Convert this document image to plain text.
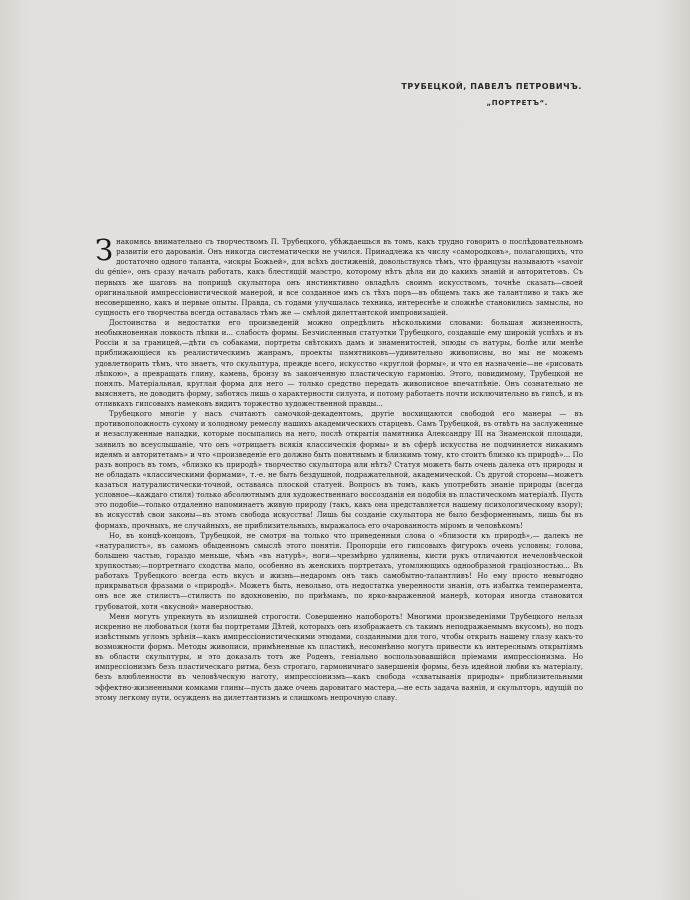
ТРУБЕЦКОЙ, ПАВЕЛЪ ПЕТРОВИЧЪ.
„ПОРТРЕТЪ“.

Знакомясь внимательно съ творчествомъ П. Трубецкого, убѣждаешься въ томъ, какъ трудно говорить о послѣдовательномъ развитіи его дарованія. Онъ никогда систематически не учился. Принадлежа къ числу «самородковъ», полагающихъ, что достаточно одного таланта, «искры Божьей», для всѣхъ достиженій, довольствуясь тѣмъ, что французы называютъ «savoir du génie», онъ сразу началъ работать, какъ блестящій маэстро, которому нѣтъ дѣла ни до какихъ знаній и авторитетовъ. Съ первыхъ же шаговъ на поприщѣ скульптора онъ инстинктивно овладѣлъ своимъ искусствомъ, точнѣе сказать—своей оригинальной импрессіонистической манерой, и все созданное имъ съ тѣхъ поръ—въ общемъ такъ же талантливо и такъ же несовершенно, какъ и первые опыты. Правда, съ годами улучшалась техника, интереснѣе и сложнѣе становились замыслы, но сущность его творчества всегда оставалась тѣмъ же — смѣлой дилеттантской импровизаціей.

Достоинства и недостатки его произведеній можно опредѣлить нѣсколькими словами: большая жизненность, необыкновенная ловкость лѣпки и... слабость формы. Безчисленныя статуэтки Трубецкого, создавшіе ему широкій успѣхъ и въ Россіи и за границей,—дѣти съ собаками, портреты свѣтскихъ дамъ и знаменитостей, эпюды съ натуры, болѣе или менѣе приближающіеся къ реалистическимъ жанрамъ, проекты памятниковъ—удивительно живописны, но мы не можемъ удовлетворить тѣмъ, что знаетъ, что скульптура, прежде всего, искусство «круглой формы», и что ея назначеніе—не «рисовать лѣпкою», а превращать глину, камень, бронзу въ законченную пластическую гармонію. Этого, повидимому, Трубецкой не понялъ. Матеріальная, круглая форма для него — только средство передать живописное впечатлѣніе. Онъ сознательно не выясняетъ, не доводитъ форму, заботясь лишь о характерности силуэта, и потому работаетъ почти исключительно въ гипсѣ, и въ отливкахъ гипсовыхъ намековъ видитъ торжество художественной правды...

Трубецкого многіе у насъ считаютъ самочкой-декадентомъ, другіе восхищаются свободой его манеры — въ противоположность сухому и холодному ремеслу нашихъ академическихъ старцевъ. Самъ Трубецкой, въ отвѣтъ на заслуженные и незаслуженные нападки, которые посыпались на него, послѣ открытія памятника Александру III на Знаменской площади, заявилъ во всеуслышаніе, что онъ «отрицаетъ всякія классическія формы» и въ сферѣ искусства не подчиняется никакимъ идеямъ и авторитетамъ» и что «произведеніе его должно быть понятнымъ и близкимъ тому, кто стоитъ близко къ природѣ»... По разъ вопросъ въ томъ, «близко къ природѣ» творчество скульптора или нѣтъ? Статуя можетъ быть очень далека отъ природы и не обладать «классическими формами», т.-е. не быть бездушной, подражательной, академической. Съ другой стороны—можетъ казаться натуралистически-точной, оставаясь плоской статуей. Вопросъ въ томъ, какъ употребить знаніе природы (всегда условное—каждаго стиля) только абсолютнымъ для художественнаго воссозданія ея подобія въ пластическомъ матеріалѣ. Пусть это подобіе—только отдаленно напоминаетъ живую природу (такъ, какъ она представляется нашему психологическому взору); въ искусствѣ свои законы—въ этомъ свобода искусства! Лишь бы созданіе скульптора не было безформеннымъ, лишь бы въ формахъ, прочныхъ, не случайныхъ, не приблизительныхъ, выражалось его очарованность міромъ и человѣкомъ!

Но, въ концѣ-концовъ, Трубецкой, не смотря на только что приведенныя слова о «близости къ природѣ»,— далекъ не «натуралистъ», въ самомъ обыденномъ смыслѣ этого понятія. Пропорціи его гипсовыхъ фигурокъ очень условны; голова, большею частью, гораздо меньше, чѣмъ «въ натурѣ», ноги—чрезмѣрно удлинены, кисти рукъ отличаются нечеловѣческой хрупкостью;—портретнаго сходства мало, особенно въ женскихъ портретахъ, утомляющихъ однообразной граціозностью... Въ работахъ Трубецкого всегда есть вкусъ и жизнь—недаромъ онъ такъ самобытно-талантливъ! Но ему просто невыгодно прикрываться фразами о «природѣ». Можетъ быть, невольно, отъ недостатка уверенности знанія, отъ избытка темперамента, онъ все же стилистъ—стилистъ по вдохновенію, по приѣмамъ, по ярко-выраженной манерѣ, которая иногда становится грубоватой, хотя «вкусной» манерностью.

Меня могутъ упрекнуть въ излишней строгости. Совершенно напоборотъ! Многими произведеніями Трубецкого нельзя искренно не любоваться (хотя бы портретами Дѣтей, которыхъ онъ изображаетъ съ такимъ неподражаемымъ вкусомъ), но подъ извѣстнымъ угломъ зрѣнія—какъ импрессіонистическими этюдами, созданными для того, чтобы открыть нашему глазу какъ-то возможности формъ. Методы живописи, примѣненные къ пластикѣ, несомнѣнно могутъ привести къ интереснымъ открытіямъ въ области скульптуры, и это доказалъ тотъ же Роденъ, геніально воспользовавшійся пріемами импрессіонизма. Но импрессіонизмъ безъ пластическаго ритма, безъ строгаго, гармоничнаго завершенія формы, безъ идейной любви къ матеріалу, безъ влюбленности въ человѣческую наготу, импрессіонизмъ—какъ свобода «схватыванія природы» приблизительными эффектно-жизненными комками глины—пусть даже очень даровитаго мастера,—не есть задача ваянія, и скульпторъ, идущій по этому легкому пути, осужденъ на дилеттантизмъ и слишкомъ непрочную славу.
